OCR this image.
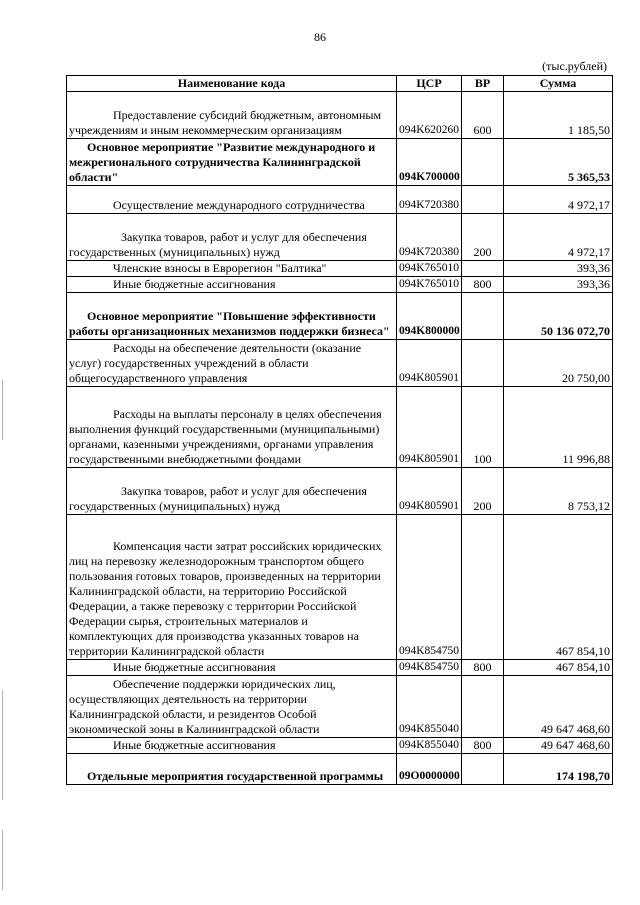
86
(тыс.рублей)
Наименование кода	ЦСР	ВР	Сумма
Предоставление субсидий бюджетным, автономным учреждениям и иным некоммерческим организациям	094K620260	600	1 185,50
Основное мероприятие "Развитие международного и межрегионального сотрудничества Калининградской области"	094K700000		5 365,53
Осуществление международного сотрудничества	094K720380		4 972,17
Закупка товаров, работ и услуг для обеспечения государственных (муниципальных) нужд	094K720380	200	4 972,17
Членские взносы в Еврорегион "Балтика"	094K765010		393,36
Иные бюджетные ассигнования	094K765010	800	393,36
Основное мероприятие "Повышение эффективности работы организационных механизмов поддержки бизнеса"	094K800000		50 136 072,70
Расходы на обеспечение деятельности (оказание услуг) государственных учреждений в области общегосударственного управления	094K805901		20 750,00
Расходы на выплаты персоналу в целях обеспечения выполнения функций государственными (муниципальными) органами, казенными учреждениями, органами управления государственными внебюджетными фондами	094K805901	100	11 996,88
Закупка товаров, работ и услуг для обеспечения государственных (муниципальных) нужд	094K805901	200	8 753,12
Компенсация части затрат российских юридических лиц на перевозку железнодорожным транспортом общего пользования готовых товаров, произведенных на территории Калининградской области, на территорию Российской Федерации, а также перевозку с территории Российской Федерации сырья, строительных материалов и комплектующих для производства указанных товаров на территории Калининградской области	094K854750		467 854,10
Иные бюджетные ассигнования	094K854750	800	467 854,10
Обеспечение поддержки юридических лиц, осуществляющих деятельность на территории Калининградской области, и резидентов Особой экономической зоны в Калининградской области	094K855040		49 647 468,60
Иные бюджетные ассигнования	094K855040	800	49 647 468,60
Отдельные мероприятия государственной программы	09O0000000		174 198,70
